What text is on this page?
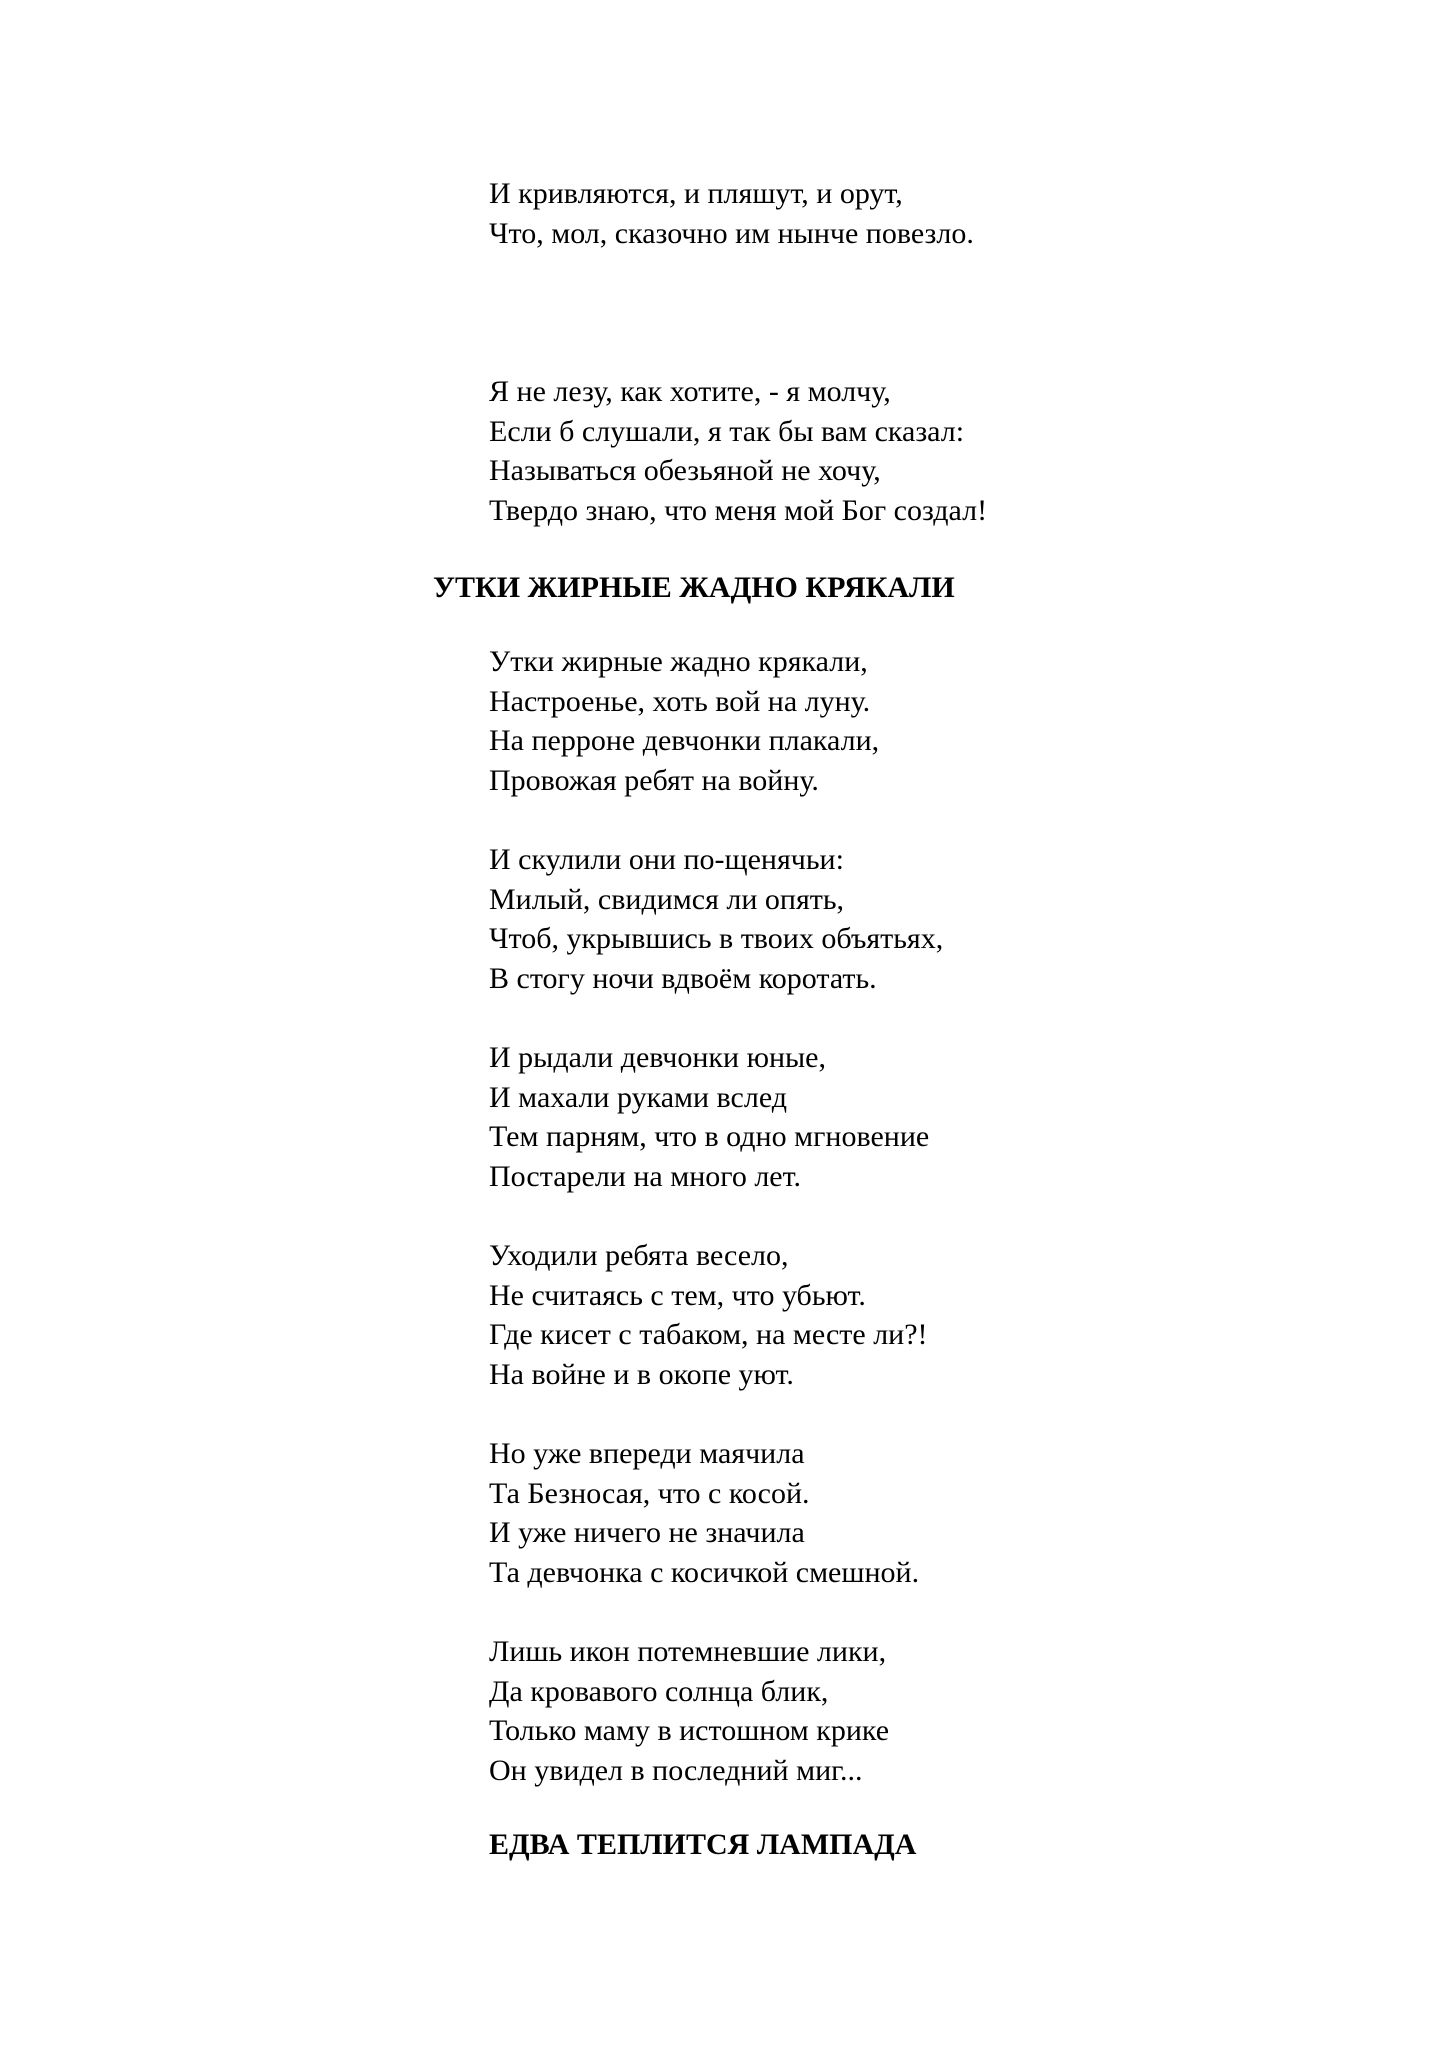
И кривляются, и пляшут, и орут,
Что, мол, сказочно им нынче повезло.
Я не лезу, как хотите, - я молчу,
Если б слушали, я так бы вам сказал:
Называться обезьяной не хочу,
Твердо знаю, что меня мой Бог создал!
УТКИ ЖИРНЫЕ ЖАДНО КРЯКАЛИ
Утки жирные жадно крякали,
Настроенье, хоть вой на луну.
На перроне девчонки плакали,
Провожая ребят на войну.
И скулили они по-щенячьи:
Милый, свидимся ли опять,
Чтоб, укрывшись в твоих объятьях,
В стогу ночи вдвоём коротать.
И рыдали девчонки юные,
И махали руками вслед
Тем парням, что в одно мгновение
Постарели на много лет.
Уходили ребята весело,
Не считаясь с тем, что убьют.
Где кисет с табаком, на месте ли?!
На войне и в окопе уют.
Но уже впереди маячила
Та Безносая, что с косой.
И уже ничего не значила
Та девчонка с косичкой смешной.
Лишь икон потемневшие лики,
Да кровавого солнца блик,
Только маму в истошном крике
Он увидел в последний миг...
ЕДВА ТЕПЛИТСЯ ЛАМПАДА
